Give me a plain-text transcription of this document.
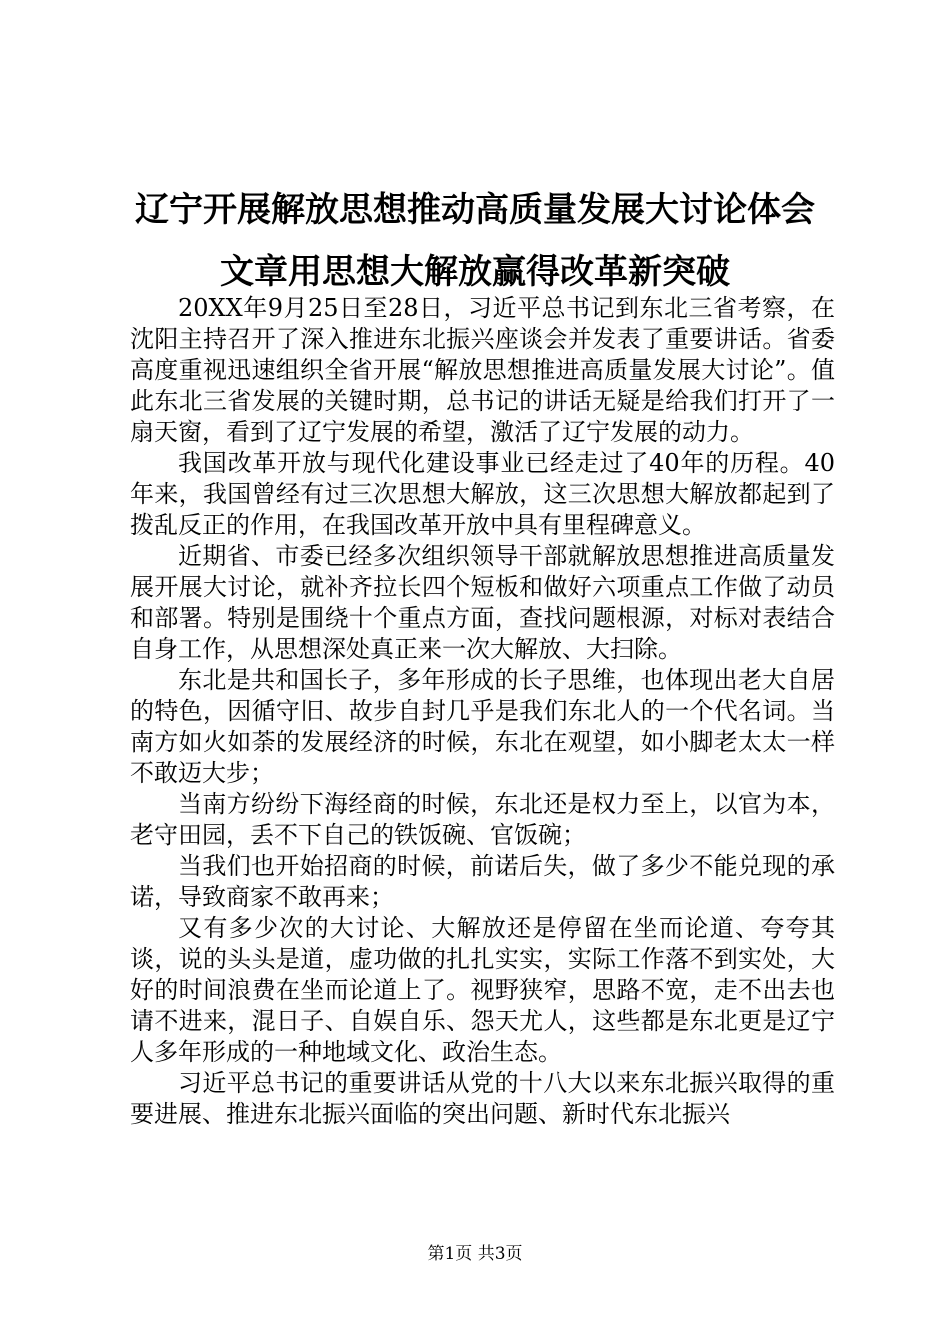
辽宁开展解放思想推动高质量发展大讨论体会
文章用思想大解放赢得改革新突破

20XX年9月25日至28日，习近平总书记到东北三省考察，在沈阳主持召开了深入推进东北振兴座谈会并发表了重要讲话。省委高度重视迅速组织全省开展“解放思想推进高质量发展大讨论”。值此东北三省发展的关键时期，总书记的讲话无疑是给我们打开了一扇天窗，看到了辽宁发展的希望，激活了辽宁发展的动力。

我国改革开放与现代化建设事业已经走过了40年的历程。40年来，我国曾经有过三次思想大解放，这三次思想大解放都起到了拨乱反正的作用，在我国改革开放中具有里程碑意义。

近期省、市委已经多次组织领导干部就解放思想推进高质量发展开展大讨论，就补齐拉长四个短板和做好六项重点工作做了动员和部署。特别是围绕十个重点方面，查找问题根源，对标对表结合自身工作，从思想深处真正来一次大解放、大扫除。

东北是共和国长子，多年形成的长子思维，也体现出老大自居的特色，因循守旧、故步自封几乎是我们东北人的一个代名词。当南方如火如荼的发展经济的时候，东北在观望，如小脚老太太一样不敢迈大步；

当南方纷纷下海经商的时候，东北还是权力至上，以官为本，老守田园，丢不下自己的铁饭碗、官饭碗；

当我们也开始招商的时候，前诺后失，做了多少不能兑现的承诺，导致商家不敢再来；

又有多少次的大讨论、大解放还是停留在坐而论道、夸夸其谈，说的头头是道，虚功做的扎扎实实，实际工作落不到实处，大好的时间浪费在坐而论道上了。视野狭窄，思路不宽，走不出去也请不进来，混日子、自娱自乐、怨天尤人，这些都是东北更是辽宁人多年形成的一种地域文化、政治生态。

习近平总书记的重要讲话从党的十八大以来东北振兴取得的重要进展、推进东北振兴面临的突出问题、新时代东北振兴

第1页 共3页
